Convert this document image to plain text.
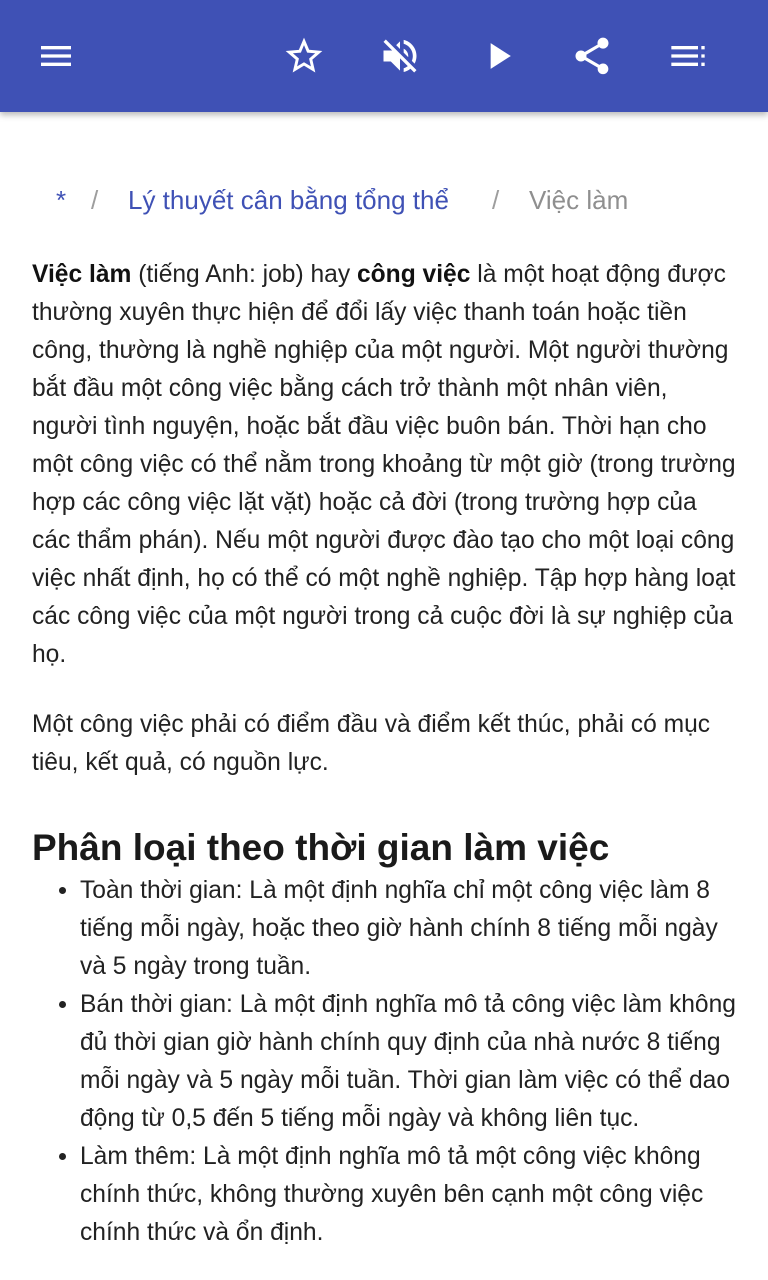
* / Lý thuyết cân bằng tổng thể / Việc làm

Việc làm (tiếng Anh: job) hay công việc là một hoạt động được thường xuyên thực hiện để đổi lấy việc thanh toán hoặc tiền công, thường là nghề nghiệp của một người. Một người thường bắt đầu một công việc bằng cách trở thành một nhân viên, người tình nguyện, hoặc bắt đầu việc buôn bán. Thời hạn cho một công việc có thể nằm trong khoảng từ một giờ (trong trường hợp các công việc lặt vặt) hoặc cả đời (trong trường hợp của các thẩm phán). Nếu một người được đào tạo cho một loại công việc nhất định, họ có thể có một nghề nghiệp. Tập hợp hàng loạt các công việc của một người trong cả cuộc đời là sự nghiệp của họ.

Một công việc phải có điểm đầu và điểm kết thúc, phải có mục tiêu, kết quả, có nguồn lực.

Phân loại theo thời gian làm việc
• Toàn thời gian: Là một định nghĩa chỉ một công việc làm 8 tiếng mỗi ngày, hoặc theo giờ hành chính 8 tiếng mỗi ngày và 5 ngày trong tuần.
• Bán thời gian: Là một định nghĩa mô tả công việc làm không đủ thời gian giờ hành chính quy định của nhà nước 8 tiếng mỗi ngày và 5 ngày mỗi tuần. Thời gian làm việc có thể dao động từ 0,5 đến 5 tiếng mỗi ngày và không liên tục.
• Làm thêm: Là một định nghĩa mô tả một công việc không chính thức, không thường xuyên bên cạnh một công việc chính thức và ổn định.
